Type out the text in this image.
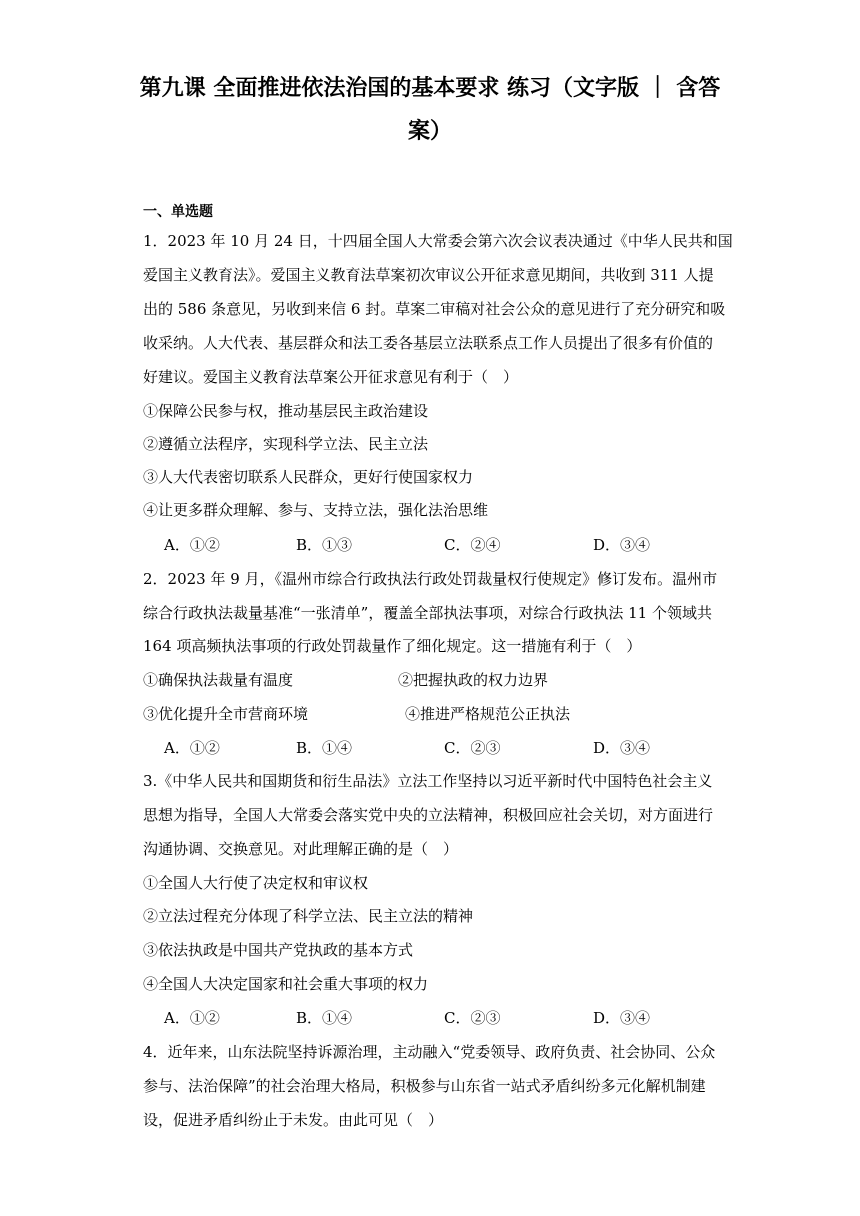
第九课 全面推进依法治国的基本要求 练习（文字版 ｜ 含答
案）
一、单选题
1．2023 年 10 月 24 日，十四届全国人大常委会第六次会议表决通过《中华人民共和国
爱国主义教育法》。爱国主义教育法草案初次审议公开征求意见期间，共收到 311 人提
出的 586 条意见，另收到来信 6 封。草案二审稿对社会公众的意见进行了充分研究和吸
收采纳。人大代表、基层群众和法工委各基层立法联系点工作人员提出了很多有价值的
好建议。爱国主义教育法草案公开征求意见有利于（　）
①保障公民参与权，推动基层民主政治建设
②遵循立法程序，实现科学立法、民主立法
③人大代表密切联系人民群众，更好行使国家权力
④让更多群众理解、参与、支持立法，强化法治思维
A．①②	B．①③	C．②④	D．③④
2．2023 年 9 月，《温州市综合行政执法行政处罚裁量权行使规定》修订发布。温州市
综合行政执法裁量基准“一张清单”，覆盖全部执法事项，对综合行政执法 11 个领域共
164 项高频执法事项的行政处罚裁量作了细化规定。这一措施有利于（　）
①确保执法裁量有温度	②把握执政的权力边界
③优化提升全市营商环境	④推进严格规范公正执法
A．①②	B．①④	C．②③	D．③④
3.《中华人民共和国期货和衍生品法》立法工作坚持以习近平新时代中国特色社会主义
思想为指导，全国人大常委会落实党中央的立法精神，积极回应社会关切，对方面进行
沟通协调、交换意见。对此理解正确的是（　）
①全国人大行使了决定权和审议权
②立法过程充分体现了科学立法、民主立法的精神
③依法执政是中国共产党执政的基本方式
④全国人大决定国家和社会重大事项的权力
A．①②	B．①④	C．②③	D．③④
4．近年来，山东法院坚持诉源治理，主动融入“党委领导、政府负责、社会协同、公众
参与、法治保障”的社会治理大格局，积极参与山东省一站式矛盾纠纷多元化解机制建
设，促进矛盾纠纷止于未发。由此可见（　）
